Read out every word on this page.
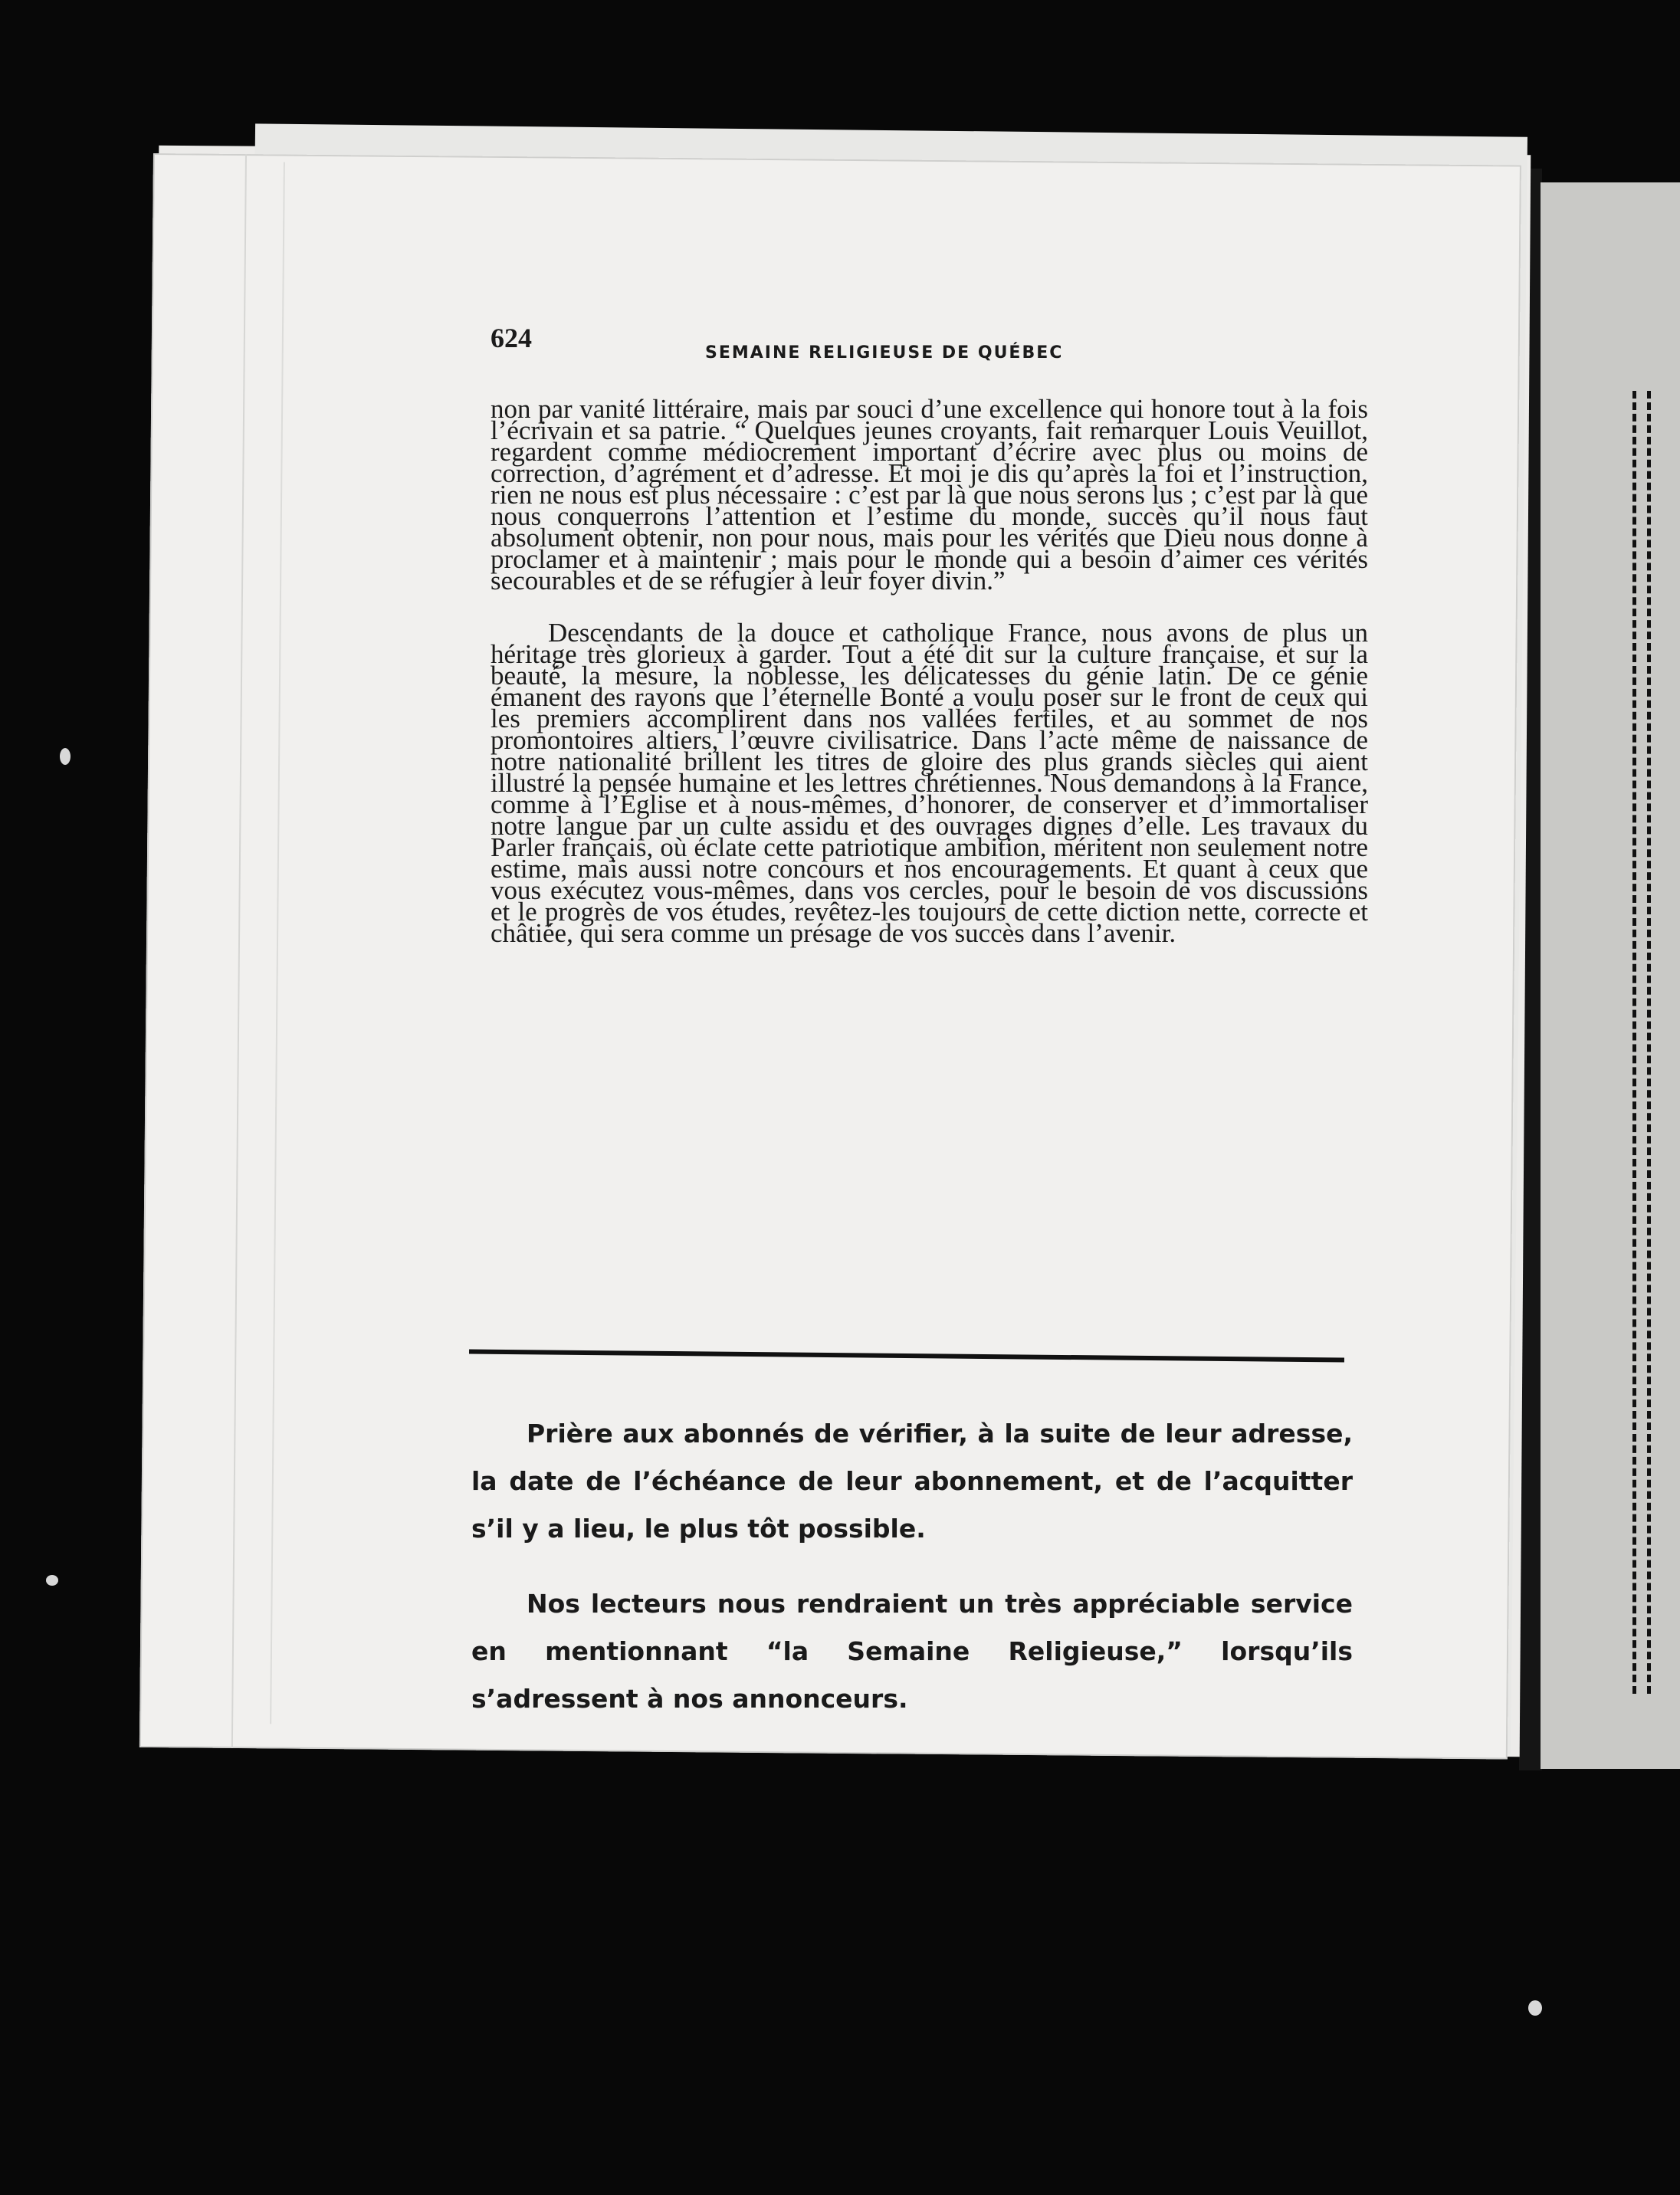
624	SEMAINE RELIGIEUSE DE QUÉBEC

non par vanité littéraire, mais par souci d’une excellence qui honore tout à la fois l’écrivain et sa patrie. “ Quelques jeunes croyants, fait remarquer Louis Veuillot, regardent comme médiocrement important d’écrire avec plus ou moins de correction, d’agrément et d’adresse. Et moi je dis qu’après la foi et l’instruction, rien ne nous est plus nécessaire : c’est par là que nous serons lus ; c’est par là que nous conquerrons l’attention et l’estime du monde, succès qu’il nous faut absolument obtenir, non pour nous, mais pour les vérités que Dieu nous donne à proclamer et à maintenir ; mais pour le monde qui a besoin d’aimer ces vérités secourables et de se réfugier à leur foyer divin.”

Descendants de la douce et catholique France, nous avons de plus un héritage très glorieux à garder. Tout a été dit sur la culture française, et sur la beauté, la mesure, la noblesse, les délicatesses du génie latin. De ce génie émanent des rayons que l’éternelle Bonté a voulu poser sur le front de ceux qui les premiers accomplirent dans nos vallées fertiles, et au sommet de nos promontoires altiers, l’œuvre civilisatrice. Dans l’acte même de naissance de notre nationalité brillent les titres de gloire des plus grands siècles qui aient illustré la pensée humaine et les lettres chrétiennes. Nous demandons à la France, comme à l’Église et à nous-mêmes, d’honorer, de conserver et d’immortaliser notre langue par un culte assidu et des ouvrages dignes d’elle. Les travaux du Parler français, où éclate cette patriotique ambition, méritent non seulement notre estime, mais aussi notre concours et nos encouragements. Et quant à ceux que vous exécutez vous-mêmes, dans vos cercles, pour le besoin de vos discussions et le progrès de vos études, revêtez-les toujours de cette diction nette, correcte et châtiée, qui sera comme un présage de vos succès dans l’avenir.

Prière aux abonnés de vérifier, à la suite de leur adresse, la date de l’échéance de leur abonnement, et de l’acquitter s’il y a lieu, le plus tôt possible.

Nos lecteurs nous rendraient un très appréciable service en mentionnant “la Semaine Religieuse,” lorsqu’ils s’adressent à nos annonceurs.
